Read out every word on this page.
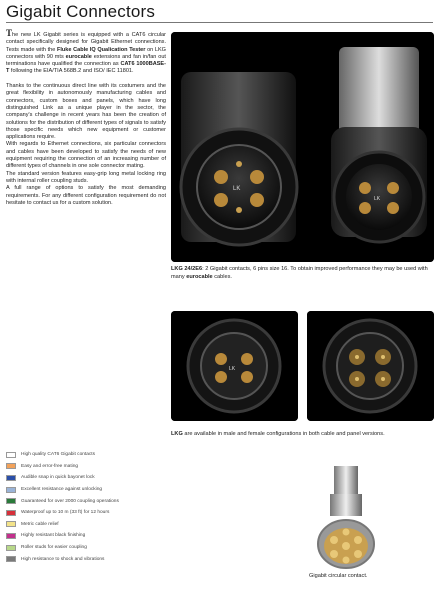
Gigabit Connectors

The new LK Gigabit series is equipped with a CAT6 circular contact specifically designed for Gigabit Ethernet connections. Tests made with the Fluke Cable IQ Qualication Tester on LKG connectors with 90 mts eurocable extensions and fan in/fan out terminations have qualified the connection as CAT6 1000BASE-T following the EIA/TIA 568B.2 and ISO/ IEC 11801.

Thanks to the continuous direct line with its costumers and the great flexibility in autonomously manufacturing cables and connectors, custom boxes and panels, which have long distinguished Link as a unique player in the sector, the company's challenge in recent years has been the creation of solutions for the distribution of different types of signals to satisfy those specific needs which new equipment or customer applications require.

With regards to Ethernet connections, six particular connectors and cables have been developed to satisfy the needs of new equipment requiring the connection of an increasing number of different types of channels in one sole connector mating.

The standard version features easy-grip long metal locking ring with internal roller coupling studs.

A full range of options to satisfy the most demanding requirements. For any different configuration requirement do not hesitate to contact us for a custom solution.

LK
LK
LKG 24/2E6: 2 Gigabit contacts, 6 pins size 16. To obtain improved performance they may be used with many eurocable cables.
LK
LKG are available in male and female configurations in both cable and panel versions.
High quality CAT6 Gigabit contacts
Easy and error-free mating
Audible snap in quick bayonet lock
Excellent resistance against unlocking
Guaranteed for over 2000 coupling operations
Waterproof up to 10 m (33 ft) for 12 hours
Metric cable relief
Highly resistant black finishing
Roller studs for easier coupling
High resistance to shock and vibrations
Gigabit circular contact.
